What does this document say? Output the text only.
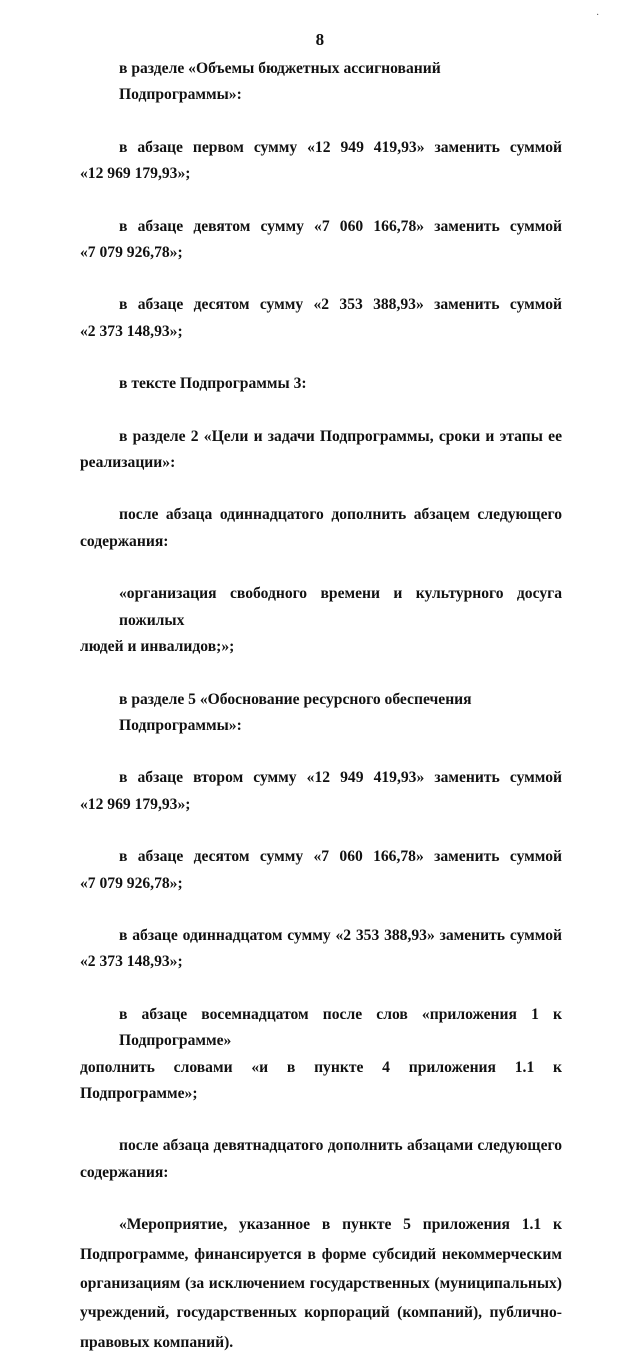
·
8

в разделе «Объемы бюджетных ассигнований Подпрограммы»:

в абзаце первом сумму «12 949 419,93» заменить суммой
«12 969 179,93»;

в абзаце девятом сумму «7 060 166,78» заменить суммой
«7 079 926,78»;

в абзаце десятом сумму «2 353 388,93» заменить суммой
«2 373 148,93»;

в тексте Подпрограммы 3:

в разделе 2 «Цели и задачи Подпрограммы, сроки и этапы ее
реализации»:

после абзаца одиннадцатого дополнить абзацем следующего
содержания:

«организация свободного времени и культурного досуга пожилых
людей и инвалидов;»;

в разделе 5 «Обоснование ресурсного обеспечения Подпрограммы»:

в абзаце втором сумму «12 949 419,93» заменить суммой
«12 969 179,93»;

в абзаце десятом сумму «7 060 166,78» заменить суммой
«7 079 926,78»;

в абзаце одиннадцатом сумму «2 353 388,93» заменить суммой
«2 373 148,93»;

в абзаце восемнадцатом после слов «приложения 1 к Подпрограмме»
дополнить словами «и в пункте 4 приложения 1.1 к Подпрограмме»;

после абзаца девятнадцатого дополнить абзацами следующего
содержания:

«Мероприятие, указанное в пункте 5 приложения 1.1 к
Подпрограмме, финансируется в форме субсидий некоммерческим
организациям (за исключением государственных (муниципальных)
учреждений, государственных корпораций (компаний), публично-
правовых компаний).
